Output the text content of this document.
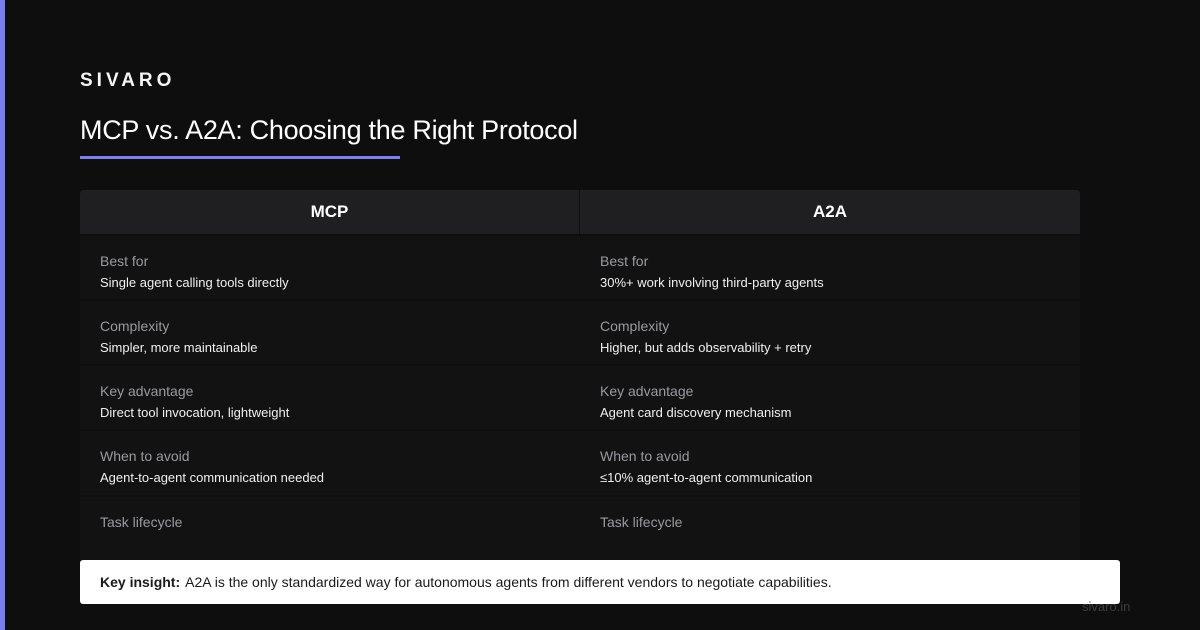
SIVARO
MCP vs. A2A: Choosing the Right Protocol
MCP
Best for
Single agent calling tools directly
Complexity
Simpler, more maintainable
Key advantage
Direct tool invocation, lightweight
When to avoid
Agent-to-agent communication needed
Task lifecycle
A2A
Best for
30%+ work involving third-party agents
Complexity
Higher, but adds observability + retry
Key advantage
Agent card discovery mechanism
When to avoid
≤10% agent-to-agent communication
Task lifecycle
Key insight: A2A is the only standardized way for autonomous agents from different vendors to negotiate capabilities.
sivaro.in
